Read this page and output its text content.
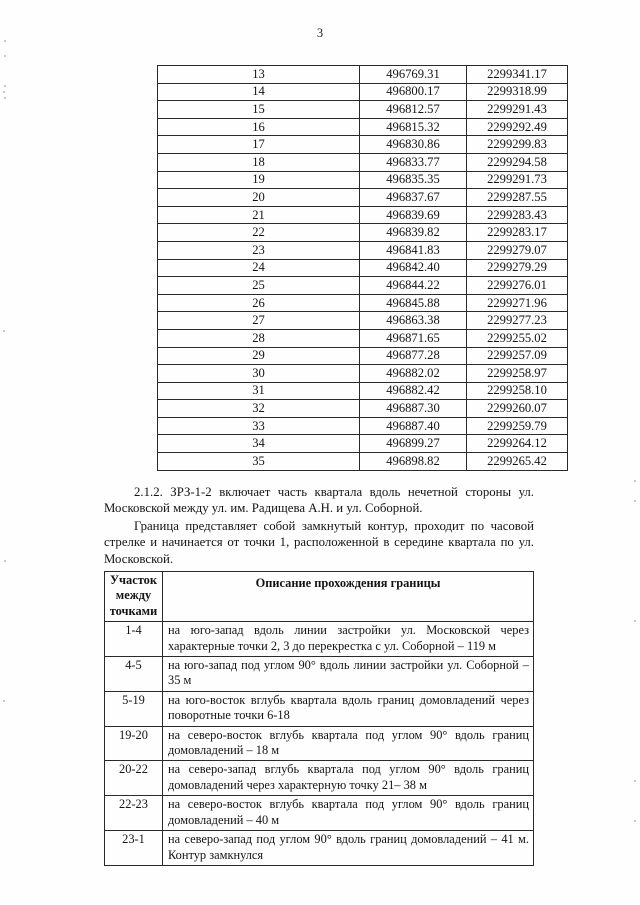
3
13	496769.31	2299341.17
14	496800.17	2299318.99
15	496812.57	2299291.43
16	496815.32	2299292.49
17	496830.86	2299299.83
18	496833.77	2299294.58
19	496835.35	2299291.73
20	496837.67	2299287.55
21	496839.69	2299283.43
22	496839.82	2299283.17
23	496841.83	2299279.07
24	496842.40	2299279.29
25	496844.22	2299276.01
26	496845.88	2299271.96
27	496863.38	2299277.23
28	496871.65	2299255.02
29	496877.28	2299257.09
30	496882.02	2299258.97
31	496882.42	2299258.10
32	496887.30	2299260.07
33	496887.40	2299259.79
34	496899.27	2299264.12
35	496898.82	2299265.42
2.1.2. ЗРЗ-1-2 включает часть квартала вдоль нечетной стороны ул. Московской между ул. им. Радищева А.Н. и ул. Соборной.
Граница представляет собой замкнутый контур, проходит по часовой стрелке и начинается от точки 1, расположенной в середине квартала по ул. Московской.
Участок между точками	Описание прохождения границы
1-4	на юго-запад вдоль линии застройки ул. Московской через характерные точки 2, 3 до перекрестка с ул. Соборной – 119 м
4-5	на юго-запад под углом 90° вдоль линии застройки ул. Соборной – 35 м
5-19	на юго-восток вглубь квартала вдоль границ домовладений через поворотные точки 6-18
19-20	на северо-восток вглубь квартала под углом 90° вдоль границ домовладений – 18 м
20-22	на северо-запад вглубь квартала под углом 90° вдоль границ домовладений через характерную точку 21– 38 м
22-23	на северо-восток вглубь квартала под углом 90° вдоль границ домовладений – 40 м
23-1	на северо-запад под углом 90° вдоль границ домовладений – 41 м. Контур замкнулся
